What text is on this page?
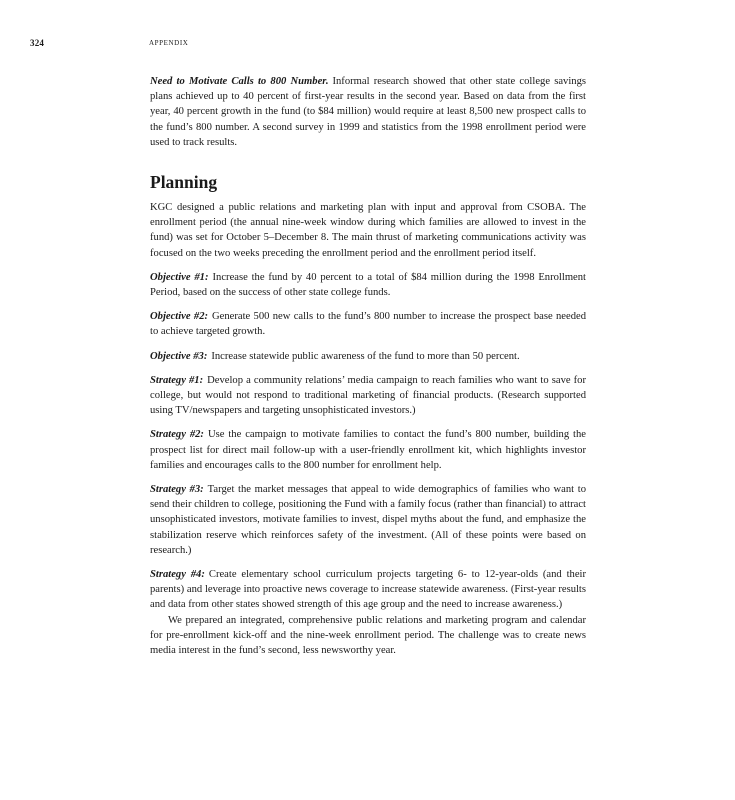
324	APPENDIX

Need to Motivate Calls to 800 Number. Informal research showed that other state college savings plans achieved up to 40 percent of first-year results in the second year. Based on data from the first year, 40 percent growth in the fund (to $84 million) would require at least 8,500 new prospect calls to the fund’s 800 number. A second survey in 1999 and statistics from the 1998 enrollment period were used to track results.

Planning

KGC designed a public relations and marketing plan with input and approval from CSOBA. The enrollment period (the annual nine-week window during which families are allowed to invest in the fund) was set for October 5–December 8. The main thrust of marketing communications activity was focused on the two weeks preceding the enrollment period and the enrollment period itself.

Objective #1: Increase the fund by 40 percent to a total of $84 million during the 1998 Enrollment Period, based on the success of other state college funds.

Objective #2: Generate 500 new calls to the fund’s 800 number to increase the prospect base needed to achieve targeted growth.

Objective #3: Increase statewide public awareness of the fund to more than 50 percent.

Strategy #1: Develop a community relations’ media campaign to reach families who want to save for college, but would not respond to traditional marketing of financial products. (Research supported using TV/newspapers and targeting unsophisticated investors.)

Strategy #2: Use the campaign to motivate families to contact the fund’s 800 number, building the prospect list for direct mail follow-up with a user-friendly enrollment kit, which highlights investor families and encourages calls to the 800 number for enrollment help.

Strategy #3: Target the market messages that appeal to wide demographics of families who want to send their children to college, positioning the Fund with a family focus (rather than financial) to attract unsophisticated investors, motivate families to invest, dispel myths about the fund, and emphasize the stabilization reserve which reinforces safety of the investment. (All of these points were based on research.)

Strategy #4: Create elementary school curriculum projects targeting 6- to 12-year-olds (and their parents) and leverage into proactive news coverage to increase statewide awareness. (First-year results and data from other states showed strength of this age group and the need to increase awareness.)

We prepared an integrated, comprehensive public relations and marketing program and calendar for pre-enrollment kick-off and the nine-week enrollment period. The challenge was to create news media interest in the fund’s second, less newsworthy year.
